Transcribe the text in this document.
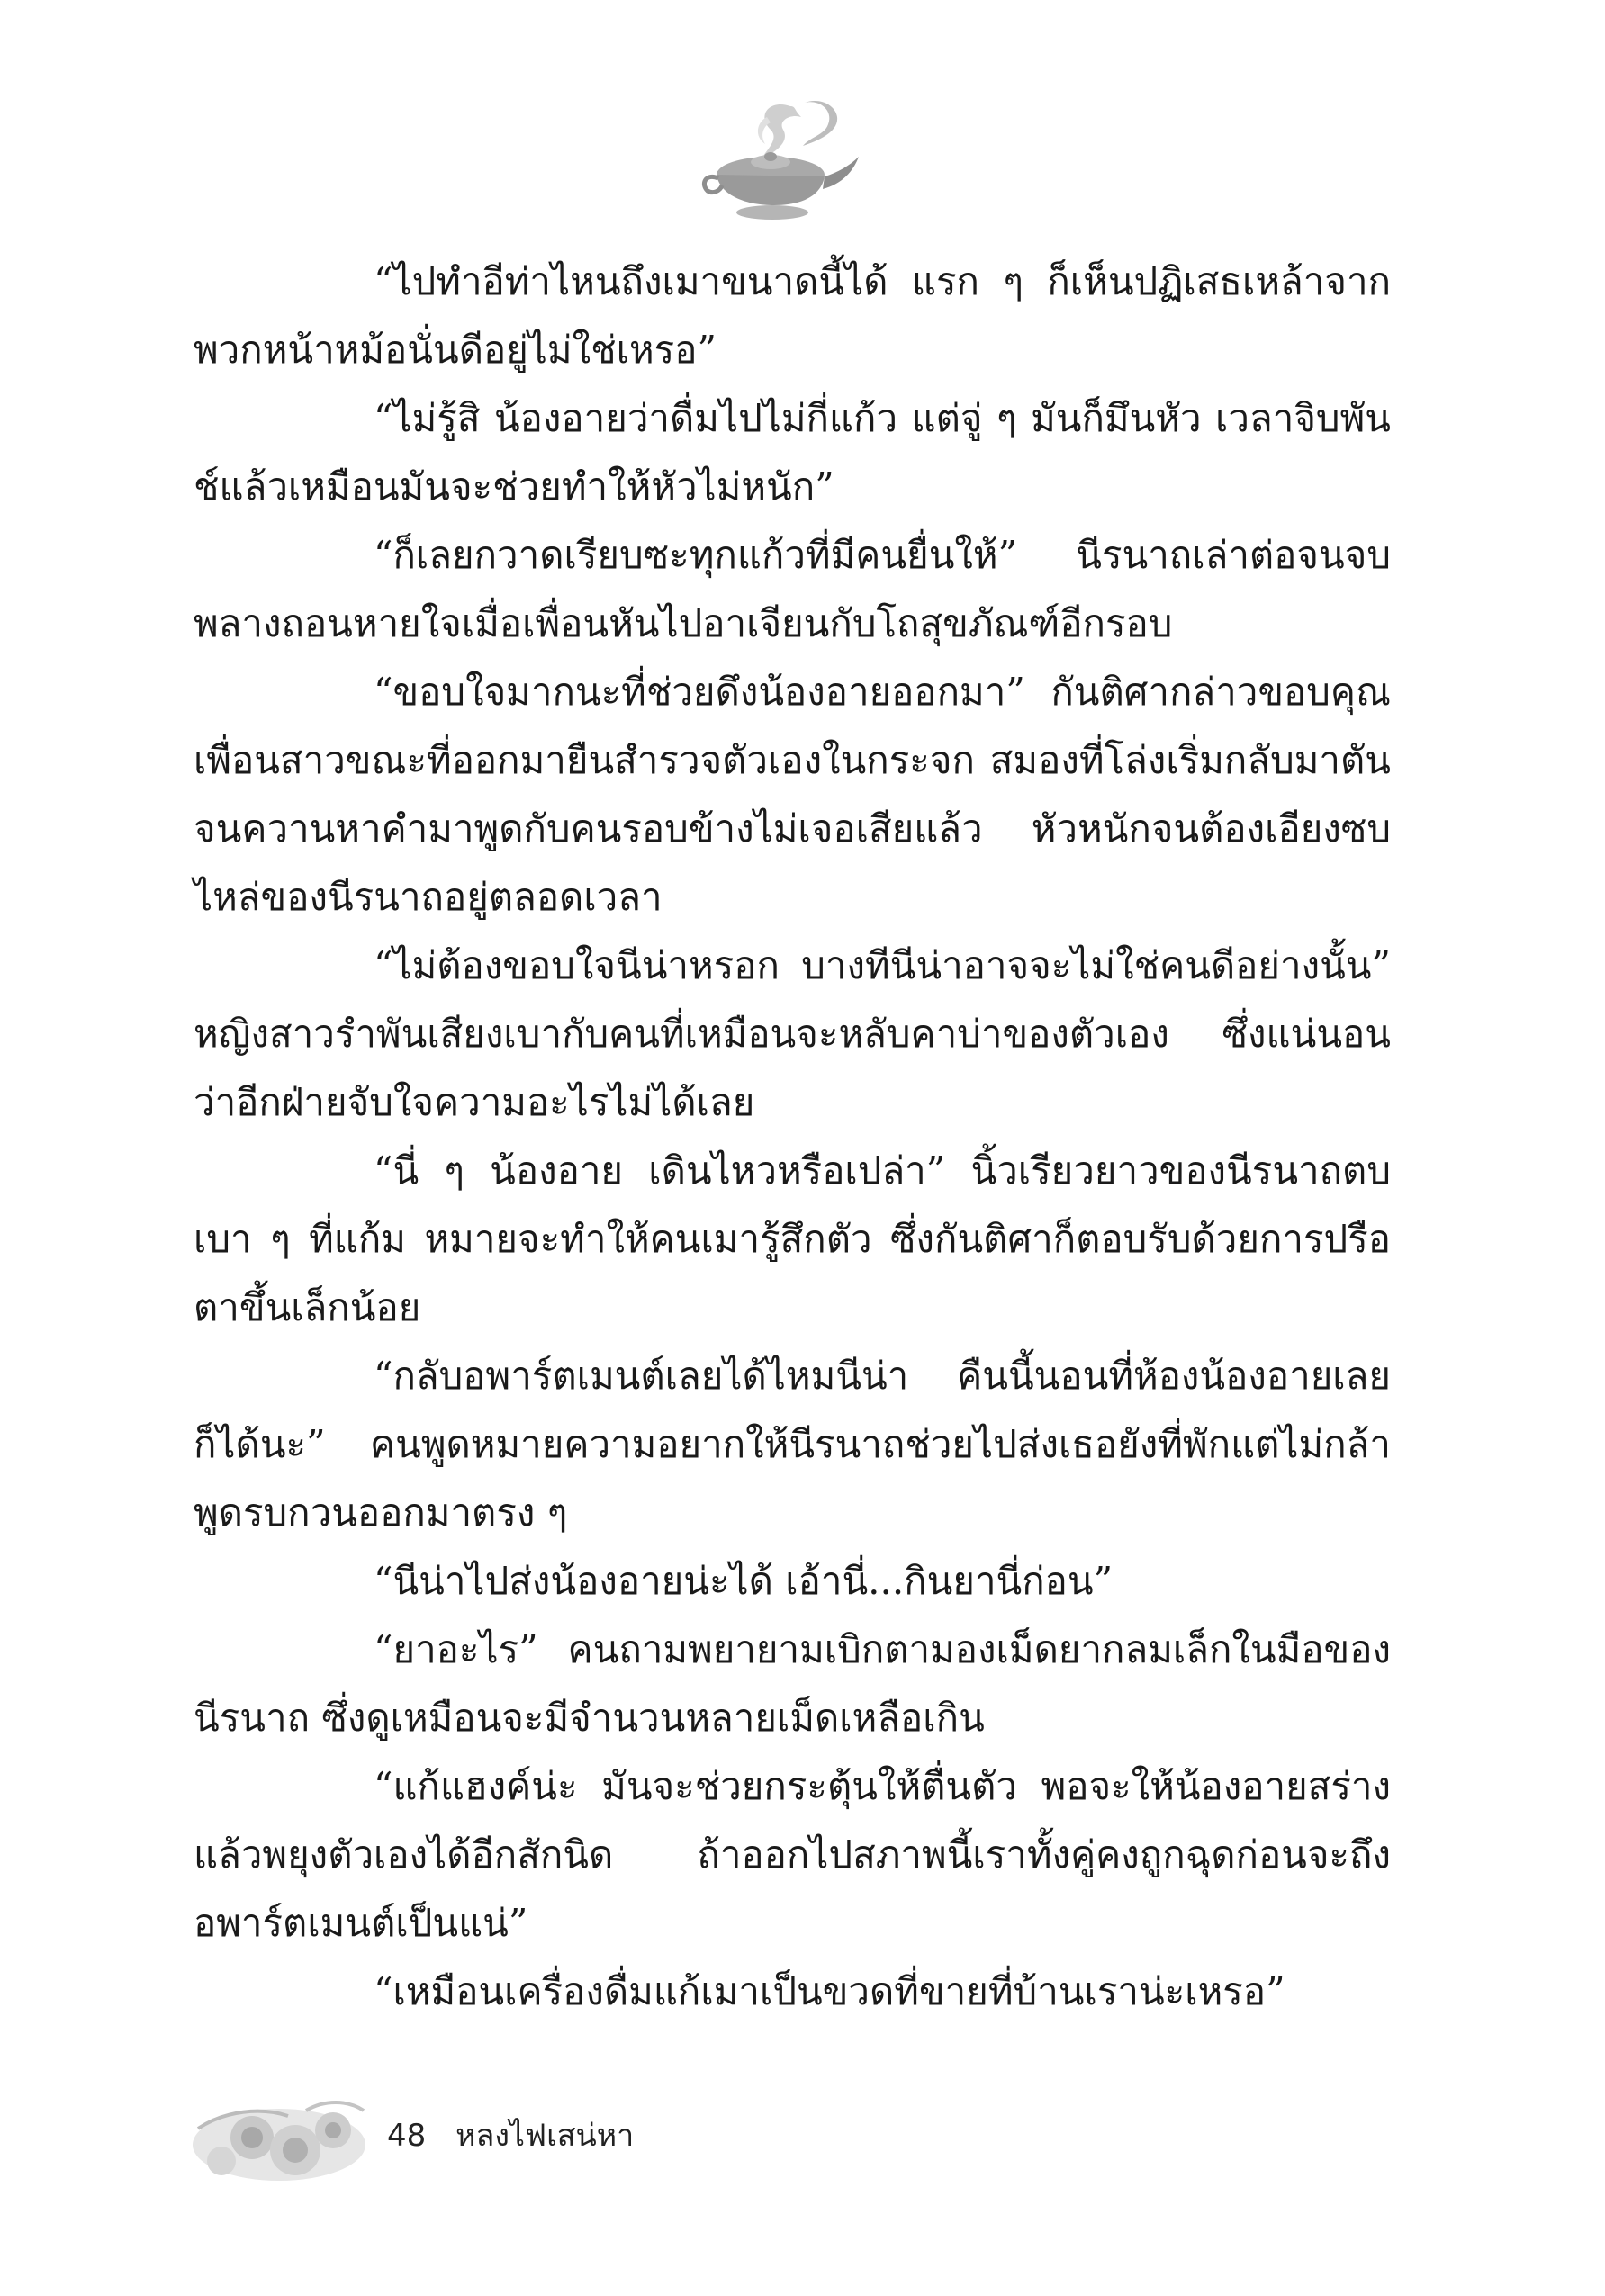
“ไปทำอีท่าไหนถึงเมาขนาดนี้ได้ แรก ๆ ก็เห็นปฏิเสธเหล้าจากพวกหน้าหม้อนั่นดีอยู่ไม่ใช่เหรอ”

“ไม่รู้สิ น้องอายว่าดื่มไปไม่กี่แก้ว แต่จู่ ๆ มันก็มึนหัว เวลาจิบพันช์แล้วเหมือนมันจะช่วยทำให้หัวไม่หนัก”

“ก็เลยกวาดเรียบซะทุกแก้วที่มีคนยื่นให้” นีรนาถเล่าต่อจนจบ พลางถอนหายใจเมื่อเพื่อนหันไปอาเจียนกับโถสุขภัณฑ์อีกรอบ

“ขอบใจมากนะที่ช่วยดึงน้องอายออกมา” กันติศากล่าวขอบคุณเพื่อนสาวขณะที่ออกมายืนสำรวจตัวเองในกระจก สมองที่โล่งเริ่มกลับมาตันจนควานหาคำมาพูดกับคนรอบข้างไม่เจอเสียแล้ว หัวหนักจนต้องเอียงซบไหล่ของนีรนาถอยู่ตลอดเวลา

“ไม่ต้องขอบใจนีน่าหรอก บางทีนีน่าอาจจะไม่ใช่คนดีอย่างนั้น” หญิงสาวรำพันเสียงเบากับคนที่เหมือนจะหลับคาบ่าของตัวเอง ซึ่งแน่นอนว่าอีกฝ่ายจับใจความอะไรไม่ได้เลย

“นี่ ๆ น้องอาย เดินไหวหรือเปล่า” นิ้วเรียวยาวของนีรนาถตบเบา ๆ ที่แก้ม หมายจะทำให้คนเมารู้สึกตัว ซึ่งกันติศาก็ตอบรับด้วยการปรือตาขึ้นเล็กน้อย

“กลับอพาร์ตเมนต์เลยได้ไหมนีน่า คืนนี้นอนที่ห้องน้องอายเลยก็ได้นะ” คนพูดหมายความอยากให้นีรนาถช่วยไปส่งเธอยังที่พักแต่ไม่กล้าพูดรบกวนออกมาตรง ๆ

“นีน่าไปส่งน้องอายน่ะได้ เอ้านี่...กินยานี่ก่อน”

“ยาอะไร” คนถามพยายามเบิกตามองเม็ดยากลมเล็กในมือของนีรนาถ ซึ่งดูเหมือนจะมีจำนวนหลายเม็ดเหลือเกิน

“แก้แฮงค์น่ะ มันจะช่วยกระตุ้นให้ตื่นตัว พอจะให้น้องอายสร่างแล้วพยุงตัวเองได้อีกสักนิด ถ้าออกไปสภาพนี้เราทั้งคู่คงถูกฉุดก่อนจะถึงอพาร์ตเมนต์เป็นแน่”

“เหมือนเครื่องดื่มแก้เมาเป็นขวดที่ขายที่บ้านเราน่ะเหรอ”

48 หลงไฟเสน่หา
